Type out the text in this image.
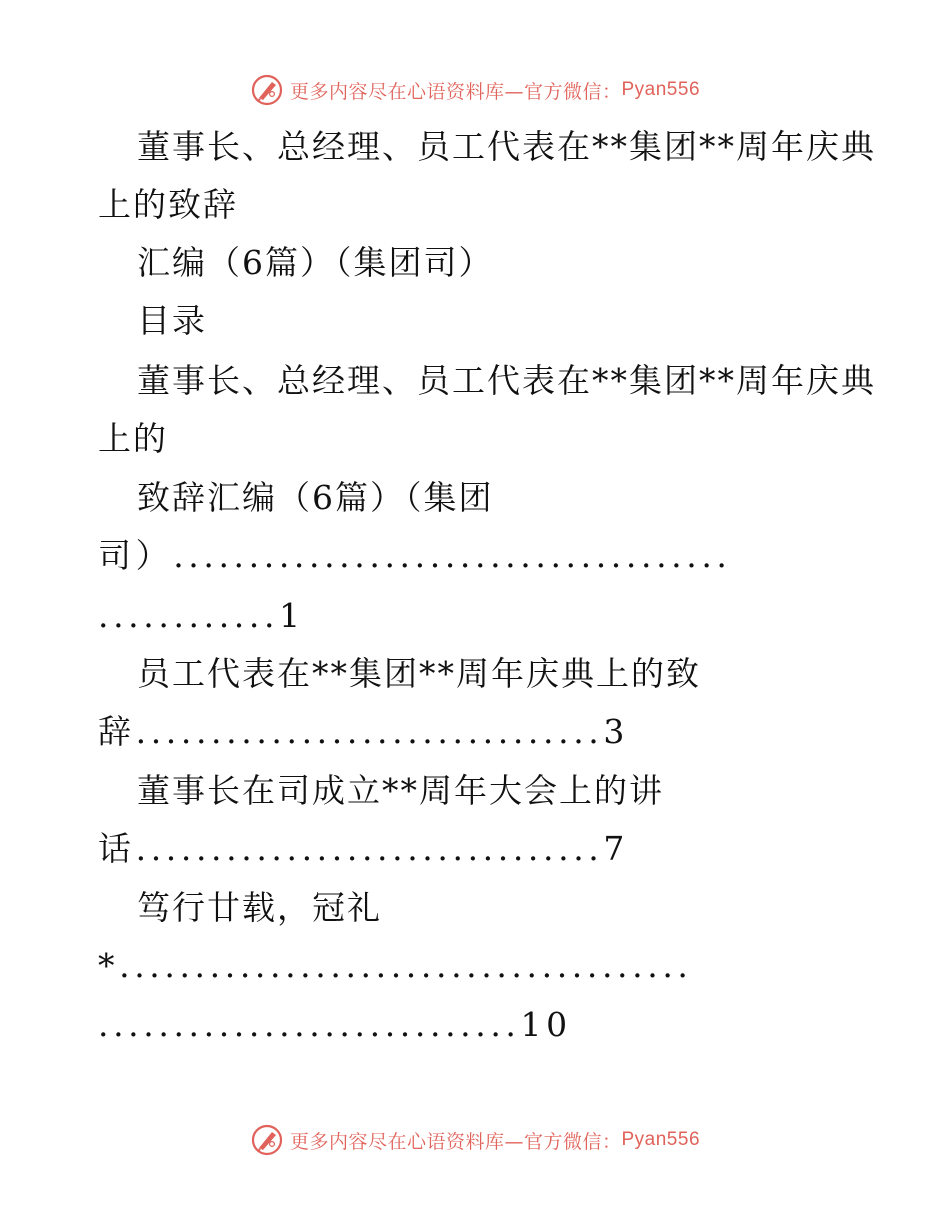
更多内容尽在心语资料库—官方微信： Pyan556
董事长、总经理、员工代表在**集团**周年庆典
上的致辞
汇编（6篇）（集团司）
目录
董事长、总经理、员工代表在**集团**周年庆典
上的
致辞汇编（6篇）（集团
司）.....................................
............1
员工代表在**集团**周年庆典上的致
辞...............................3
董事长在司成立**周年大会上的讲
话...............................7
笃行廿载，冠礼
*......................................
............................10
更多内容尽在心语资料库—官方微信： Pyan556
